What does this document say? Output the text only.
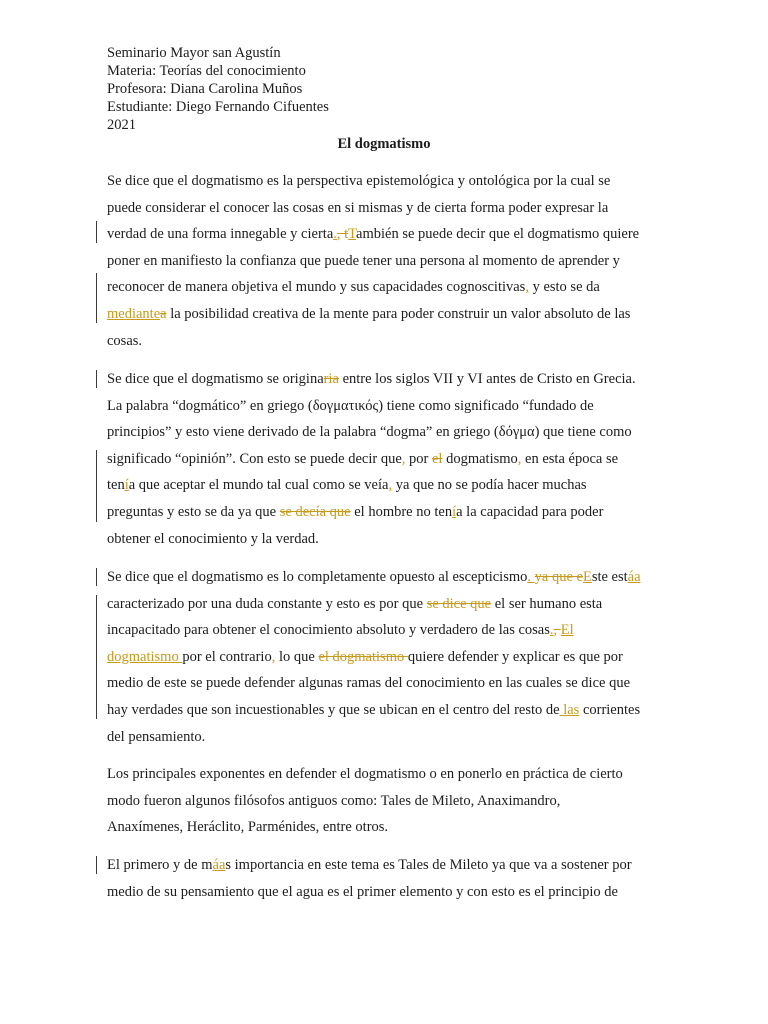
Seminario Mayor san Agustín
Materia: Teorías del conocimiento
Profesora: Diana Carolina Muños
Estudiante: Diego Fernando Cifuentes
2021
El dogmatismo
Se dice que el dogmatismo es la perspectiva epistemológica y ontológica por la cual se
puede considerar el conocer las cosas en si mismas y de cierta forma poder expresar la
verdad de una forma innegable y cierta., tTambién se puede decir que el dogmatismo quiere
poner en manifiesto la confianza que puede tener una persona al momento de aprender y
reconocer de manera objetiva el mundo y sus capacidades cognoscitivas, y esto se da
mediantea la posibilidad creativa de la mente para poder construir un valor absoluto de las
cosas.
Se dice que el dogmatismo se originaria entre los siglos VII y VI antes de Cristo en Grecia.
La palabra “dogmático” en griego (δογματικός) tiene como significado “fundado de
principios” y esto viene derivado de la palabra “dogma” en griego (δόγμα) que tiene como
significado “opinión”. Con esto se puede decir que, por el dogmatismo, en esta época se
tenía que aceptar el mundo tal cual como se veía, ya que no se podía hacer muchas
preguntas y esto se da ya que se decía que el hombre no tenía la capacidad para poder
obtener el conocimiento y la verdad.
Se dice que el dogmatismo es lo completamente opuesto al escepticismo. ya que eEste estáa
caracterizado por una duda constante y esto es por que se dice que el ser humano esta
incapacitado para obtener el conocimiento absoluto y verdadero de las cosas., El
dogmatismo por el contrario, lo que el dogmatismo quiere defender y explicar es que por
medio de este se puede defender algunas ramas del conocimiento en las cuales se dice que
hay verdades que son incuestionables y que se ubican en el centro del resto de las corrientes
del pensamiento.
Los principales exponentes en defender el dogmatismo o en ponerlo en práctica de cierto
modo fueron algunos filósofos antiguos como: Tales de Mileto, Anaximandro,
Anaxímenes, Heráclito, Parménides, entre otros.
El primero y de máas importancia en este tema es Tales de Mileto ya que va a sostener por
medio de su pensamiento que el agua es el primer elemento y con esto es el principio de
